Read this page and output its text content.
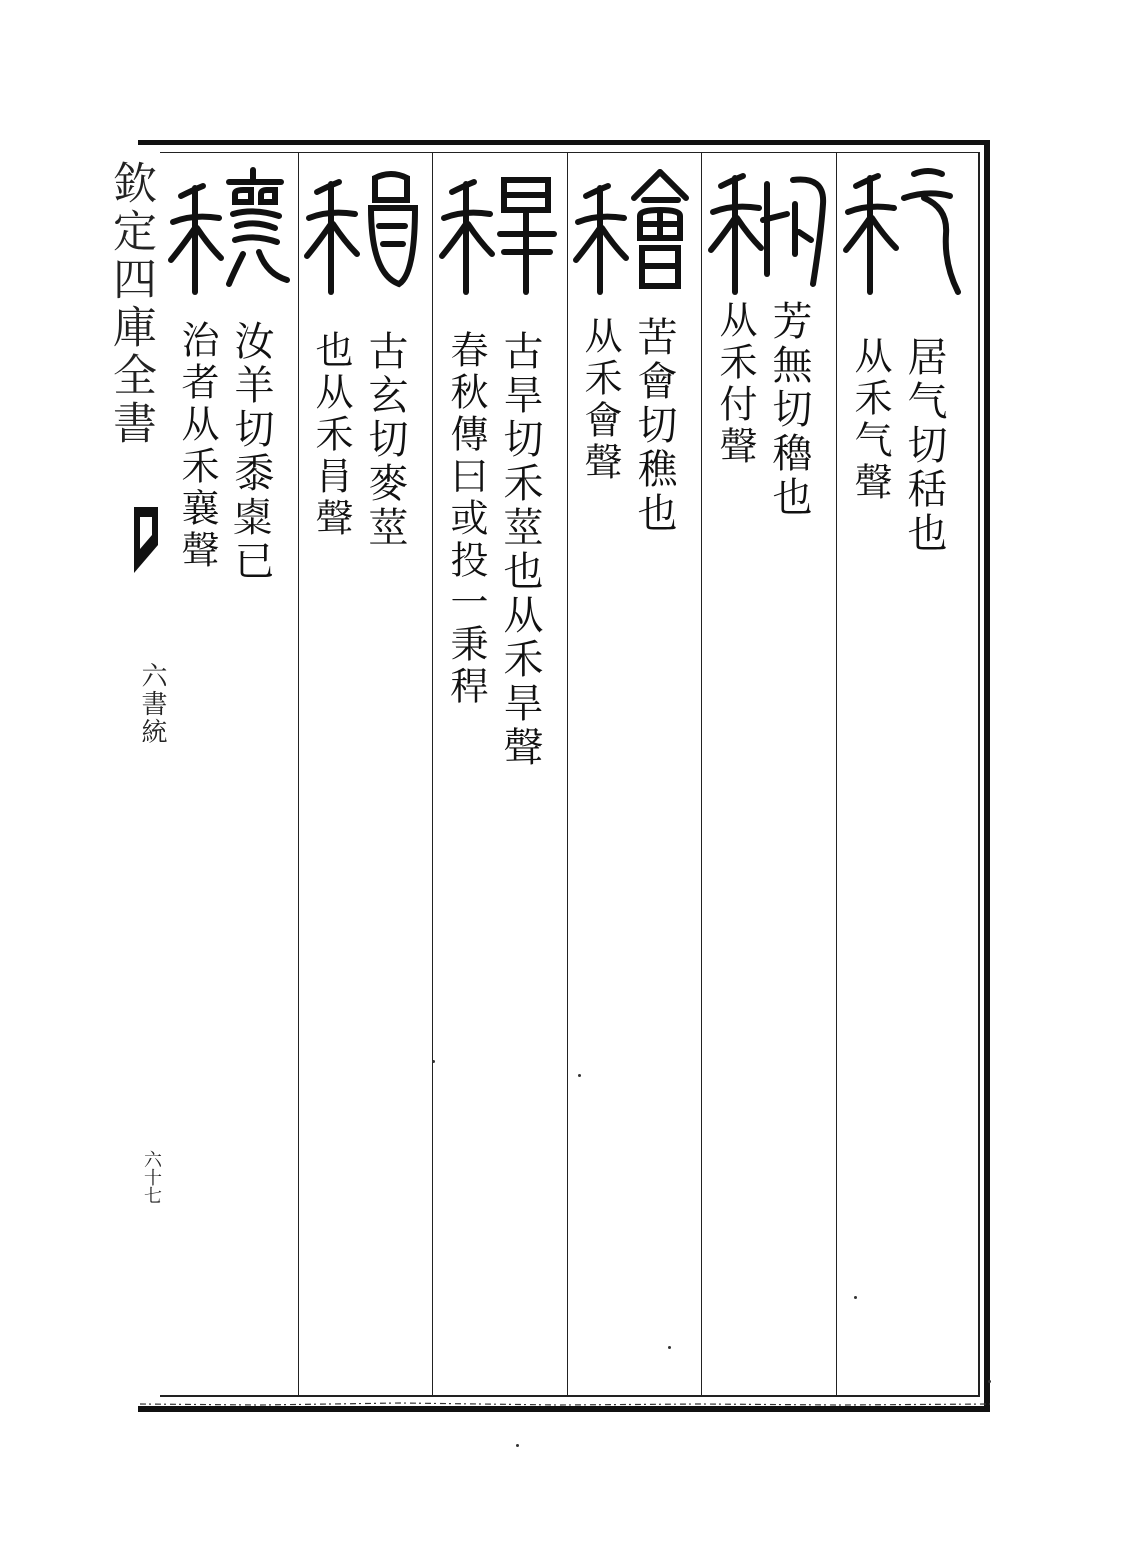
欽定四庫全書
六書統
六十七
居气切秳也
从禾气聲
芳無切穭也
从禾付聲
苦會切穛也
从禾會聲
古旱切禾莖也从禾旱聲
春秋傳曰或投一秉稈
古玄切麥莖
也从禾肙聲
汝羊切黍𥻆已
治者从禾襄聲
